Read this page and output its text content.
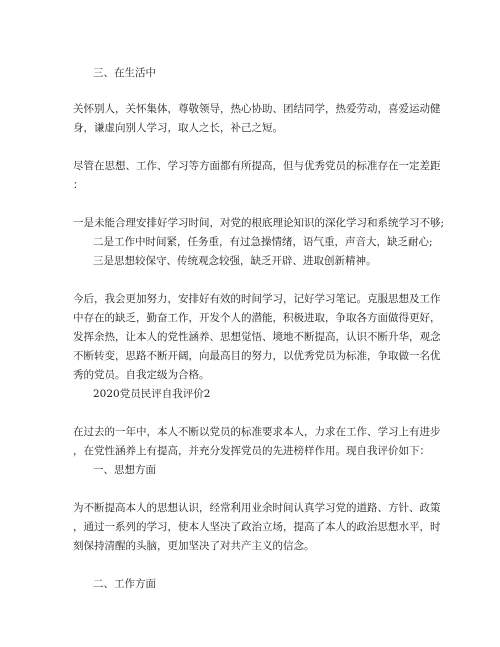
三、在生活中
关怀别人，关怀集体，尊敬领导，热心协助、团结同学，热爱劳动，喜爱运动健
身，谦虚向别人学习，取人之长，补己之短。
尽管在思想、工作、学习等方面都有所提高，但与优秀党员的标准存在一定差距
：
一是未能合理安排好学习时间，对党的根底理论知识的深化学习和系统学习不够;
二是工作中时间紧，任务重，有过急操情绪，语气重，声音大，缺乏耐心;
三是思想较保守、传统观念较强，缺乏开辟、进取创新精神。
今后，我会更加努力，安排好有效的时间学习，记好学习笔记。克服思想及工作
中存在的缺乏，勤奋工作，开发个人的潜能，积极进取，争取各方面做得更好，
发挥余热，让本人的党性涵养、思想觉悟、境地不断提高，认识不断升华，观念
不断转变，思路不断开阔，向最高目的努力，以优秀党员为标准，争取做一名优
秀的党员。自我定级为合格。
2020党员民评自我评价2
在过去的一年中，本人不断以党员的标准要求本人，力求在工作、学习上有进步
，在党性涵养上有提高，并充分发挥党员的先进榜样作用。现自我评价如下：
一、思想方面
为不断提高本人的思想认识，经常利用业余时间认真学习党的道路、方针、政策
，通过一系列的学习，使本人坚决了政治立场，提高了本人的政治思想水平，时
刻保持清醒的头脑，更加坚决了对共产主义的信念。
二、工作方面
